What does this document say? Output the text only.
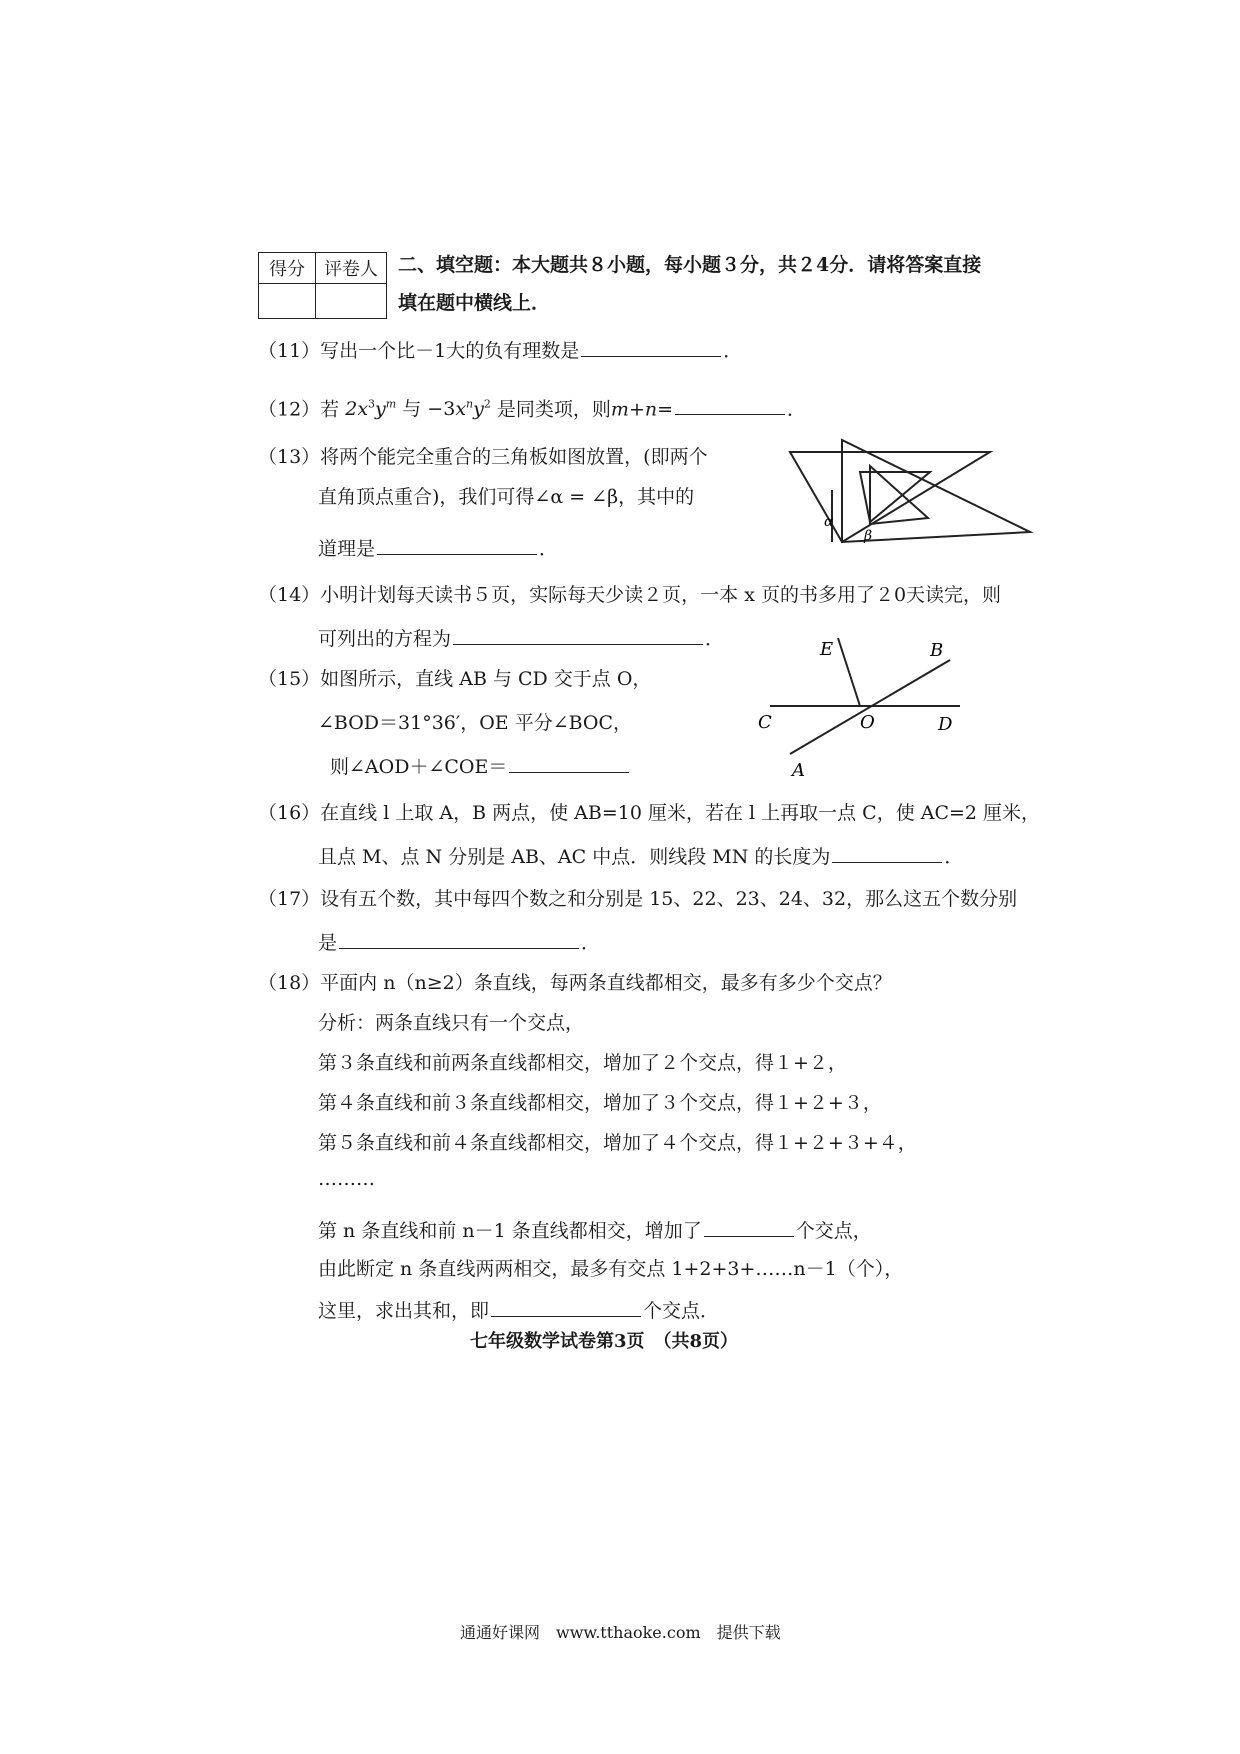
得分	评卷人
	二、填空题：本大题共８小题，每小题３分，共２4分．请将答案直接
填在题中横线上．
（11）写出一个比－1大的负有理数是	．
（12）若 $2x^3y^m$ 与 $-3x^ny^2$ 是同类项，则m+n=	．
（13）将两个能完全重合的三角板如图放置，(即两个
直角顶点重合)，我们可得∠α = ∠β，其中的
道理是	．
α
β
（14）小明计划每天读书５页，实际每天少读２页，一本 x 页的书多用了２0天读完，则
可列出的方程为	．
（15）如图所示，直线 AB 与 CD 交于点 O，
∠BOD＝31°36′，OE 平分∠BOC，
则∠AOD＋∠COE＝
E	B
C	O	D
A
（16）在直线 l 上取 A，B 两点，使 AB=10 厘米，若在 l 上再取一点 C，使 AC=2 厘米，
且点 M、点 N 分别是 AB、AC 中点．则线段 MN 的长度为	．
（17）设有五个数，其中每四个数之和分别是 15、22、23、24、32，那么这五个数分别
是	．
（18）平面内 n（n≥2）条直线，每两条直线都相交，最多有多少个交点？
分析：两条直线只有一个交点，
第３条直线和前两条直线都相交，增加了２个交点，得１+２，
第４条直线和前３条直线都相交，增加了３个交点，得１+２+３，
第５条直线和前４条直线都相交，增加了４个交点，得１+２+３+４，
………
第 n 条直线和前 n－1 条直线都相交，增加了	个交点，
由此断定 n 条直线两两相交，最多有交点 1+2+3+……n－1（个），
这里，求出其和，即	个交点．
七年级数学试卷第3页　（共8页）
通通好课网　www.tthaoke.com　提供下载
